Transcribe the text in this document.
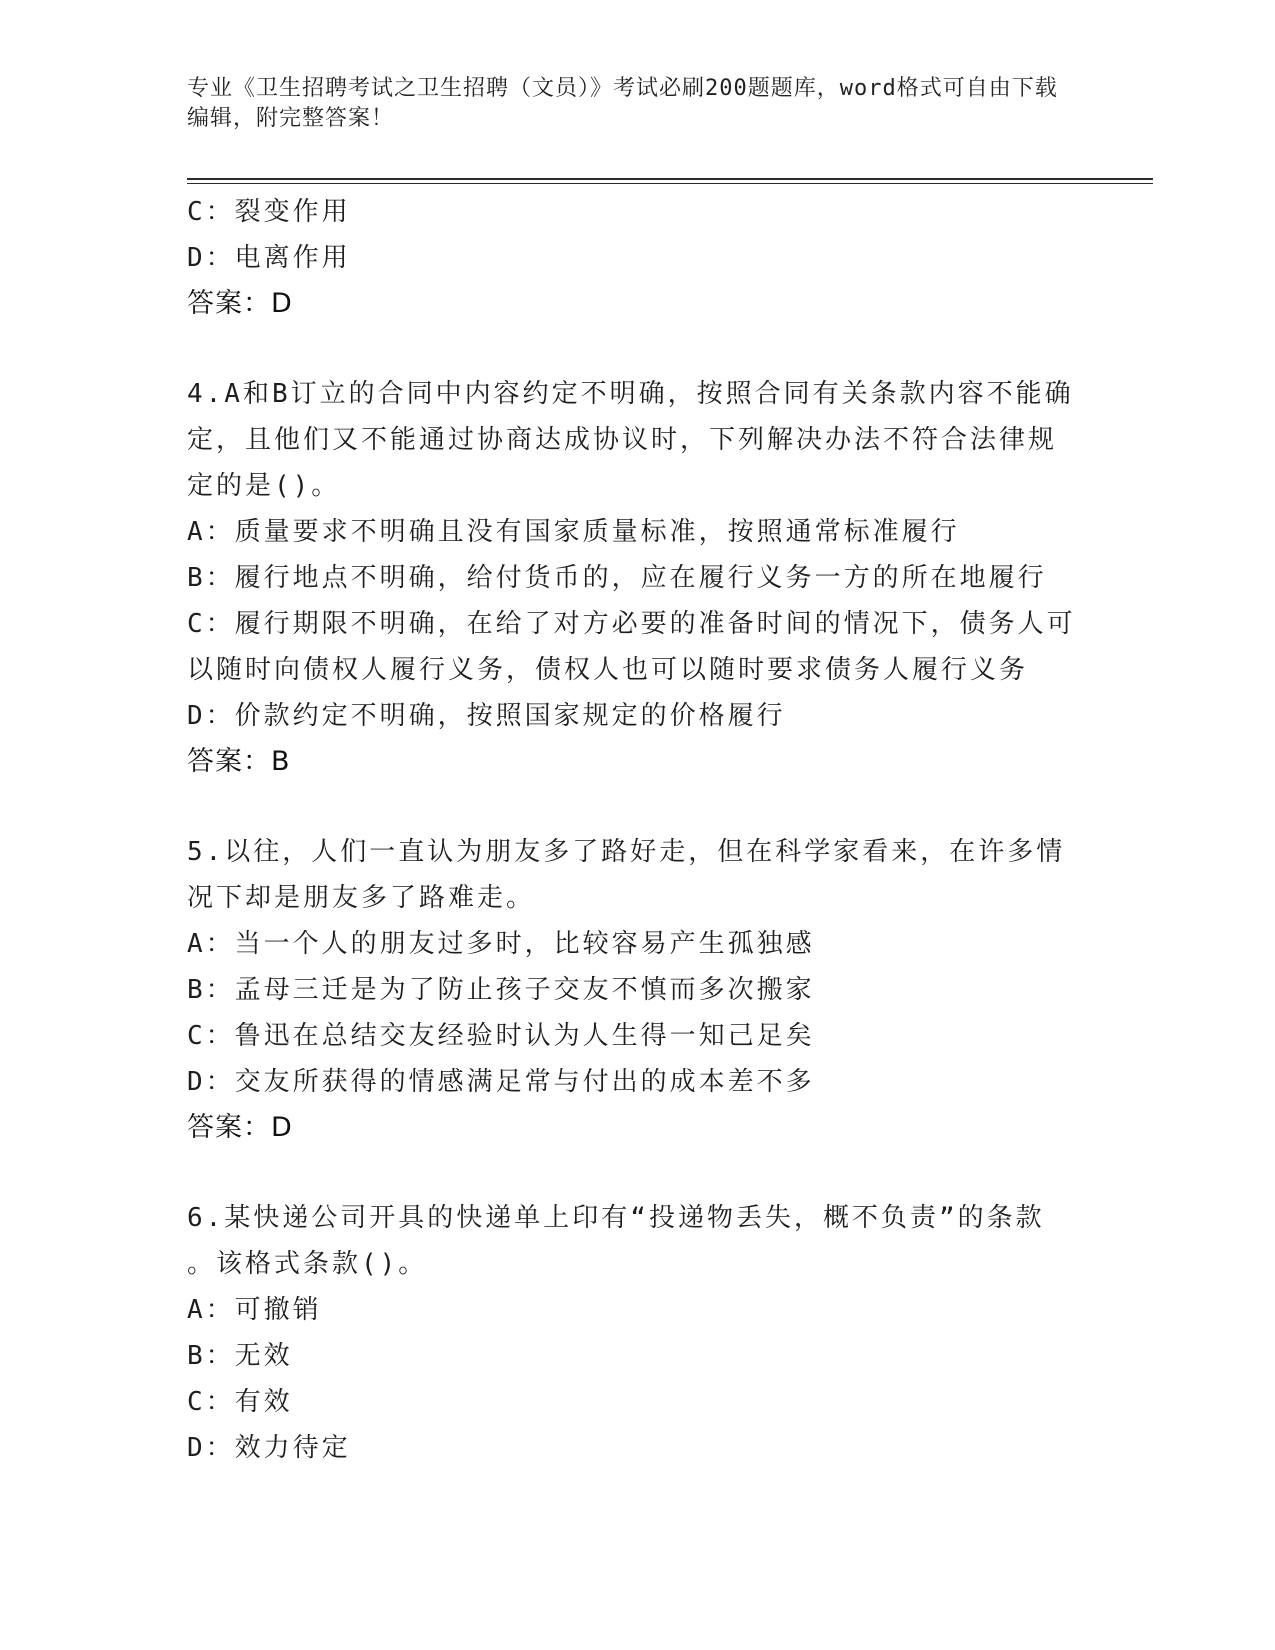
专业《卫生招聘考试之卫生招聘（文员）》考试必刷200题题库，word格式可自由下载编辑，附完整答案！
C：裂变作用
D：电离作用
答案：D
4.A和B订立的合同中内容约定不明确，按照合同有关条款内容不能确
定，且他们又不能通过协商达成协议时，下列解决办法不符合法律规
定的是()。
A：质量要求不明确且没有国家质量标准，按照通常标准履行
B：履行地点不明确，给付货币的，应在履行义务一方的所在地履行
C：履行期限不明确，在给了对方必要的准备时间的情况下，债务人可
以随时向债权人履行义务，债权人也可以随时要求债务人履行义务
D：价款约定不明确，按照国家规定的价格履行
答案：B
5.以往，人们一直认为朋友多了路好走，但在科学家看来，在许多情
况下却是朋友多了路难走。
A：当一个人的朋友过多时，比较容易产生孤独感
B：孟母三迁是为了防止孩子交友不慎而多次搬家
C：鲁迅在总结交友经验时认为人生得一知己足矣
D：交友所获得的情感满足常与付出的成本差不多
答案：D
6.某快递公司开具的快递单上印有“投递物丢失，概不负责”的条款
。该格式条款()。
A：可撤销
B：无效
C：有效
D：效力待定
